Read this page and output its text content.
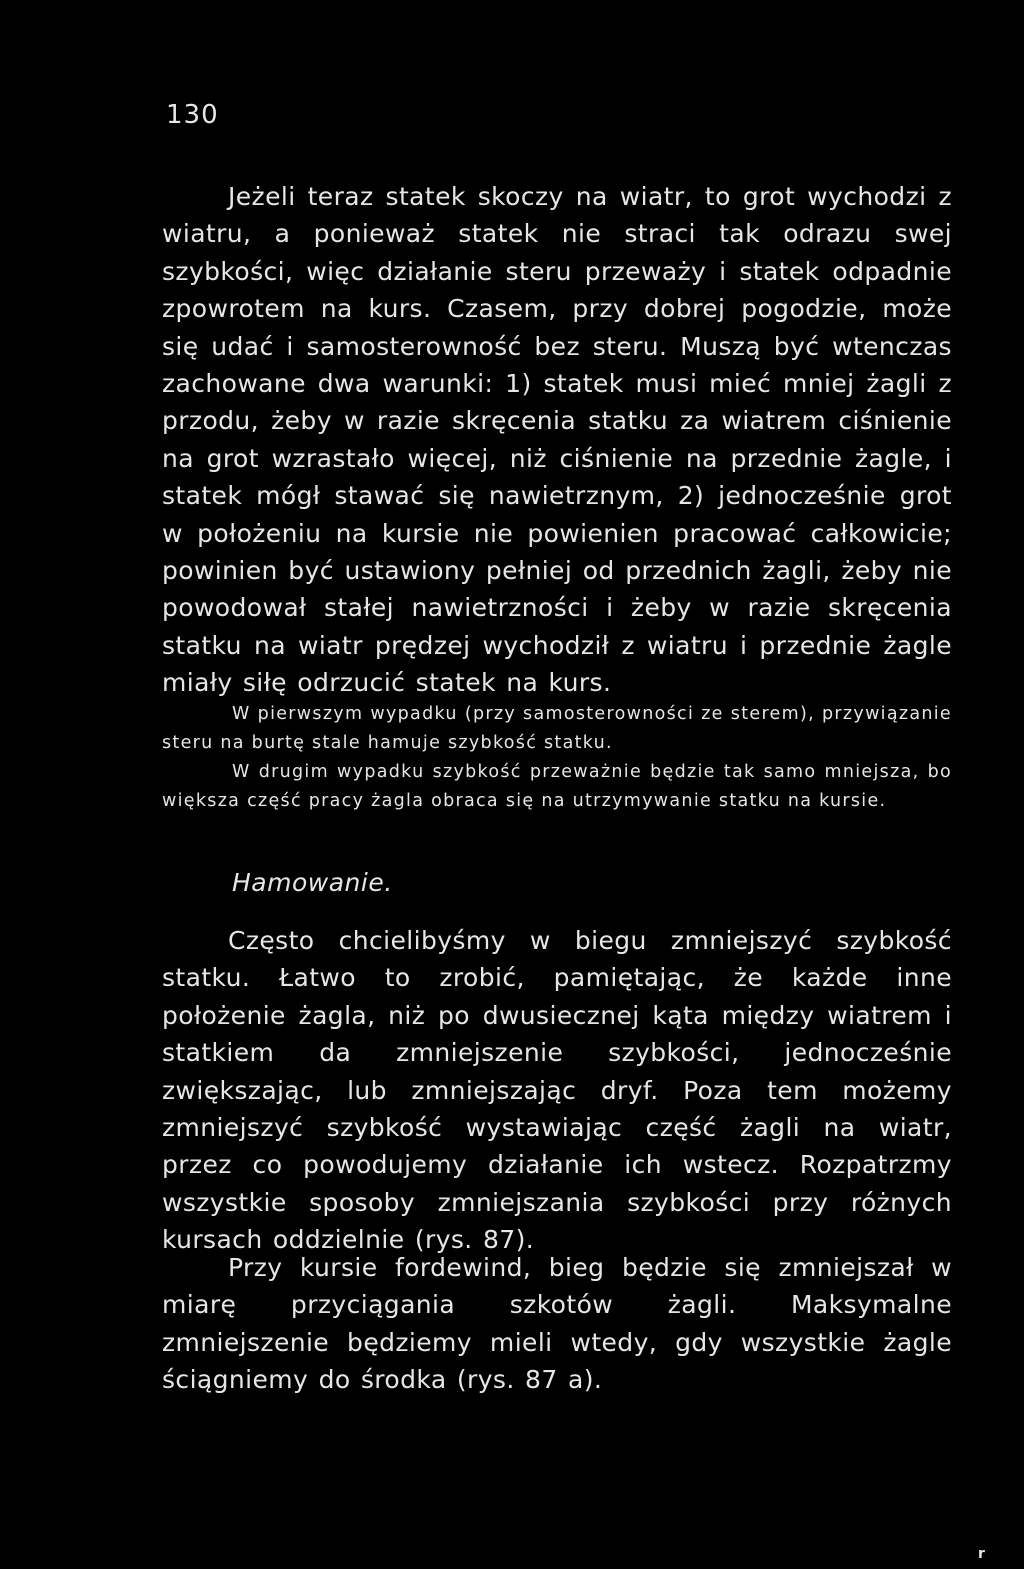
130

Jeżeli teraz statek skoczy na wiatr, to grot wychodzi z wiatru, a ponieważ statek nie straci tak odrazu swej szybkości, więc działanie steru przeważy i statek odpadnie zpowrotem na kurs. Czasem, przy dobrej pogodzie, może się udać i samosterowność bez steru. Muszą być wtenczas zachowane dwa warunki: 1) statek musi mieć mniej żagli z przodu, żeby w razie skręcenia statku za wiatrem ciśnienie na grot wzrastało więcej, niż ciśnienie na przednie żagle, i statek mógł stawać się nawietrznym, 2) jednocześnie grot w położeniu na kursie nie powienien pracować całkowicie; powinien być ustawiony pełniej od przednich żagli, żeby nie powodował stałej nawietrzności i żeby w razie skręcenia statku na wiatr prędzej wychodził z wiatru i przednie żagle miały siłę odrzucić statek na kurs.

W pierwszym wypadku (przy samosterowności ze sterem), przywiązanie steru na burtę stale hamuje szybkość statku.

W drugim wypadku szybkość przeważnie będzie tak samo mniejsza, bo większa część pracy żagla obraca się na utrzymywanie statku na kursie.

Hamowanie.

Często chcielibyśmy w biegu zmniejszyć szybkość statku. Łatwo to zrobić, pamiętając, że każde inne położenie żagla, niż po dwusiecznej kąta między wiatrem i statkiem da zmniejszenie szybkości, jednocześnie zwiększając, lub zmniejszając dryf. Poza tem możemy zmniejszyć szybkość wystawiając część żagli na wiatr, przez co powodujemy działanie ich wstecz. Rozpatrzmy wszystkie sposoby zmniejszania szybkości przy różnych kursach oddzielnie (rys. 87).

Przy kursie fordewind, bieg będzie się zmniejszał w miarę przyciągania szkotów żagli. Maksymalne zmniejszenie będziemy mieli wtedy, gdy wszystkie żagle ściągniemy do środka (rys. 87 a).

r
